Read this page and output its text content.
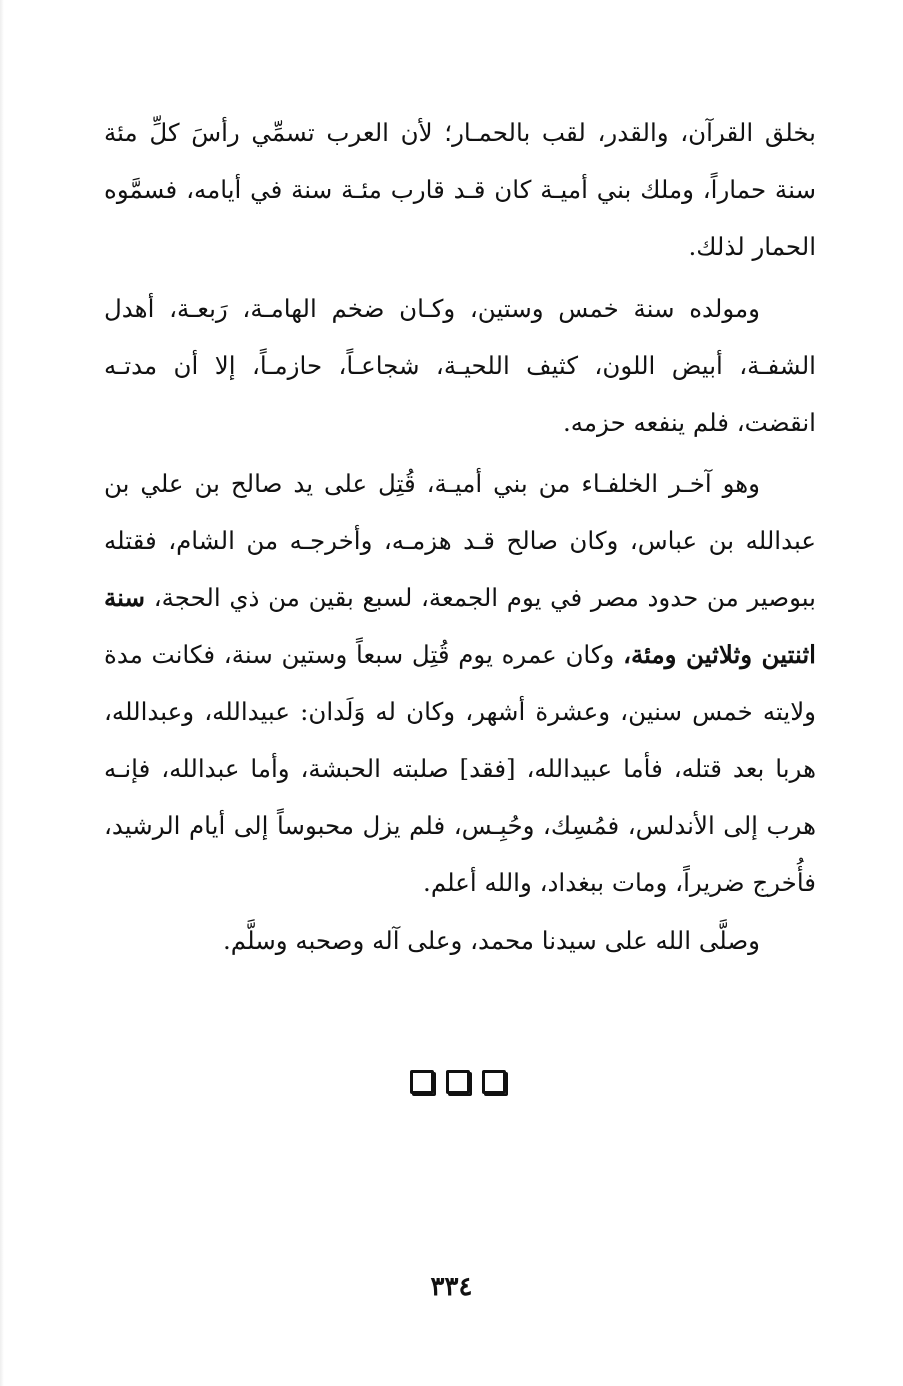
بخلق القرآن، والقدر، لقب بالحمـار؛ لأن العرب تسمِّي رأسَ كلِّ مئة سنة حماراً، وملك بني أميـة كان قـد قارب مئـة سنة في أيامه، فسمَّوه الحمار لذلك.

ومولده سنة خمس وستين، وكـان ضخم الهامـة، رَبعـة، أهدل الشفـة، أبيض اللون، كثيف اللحيـة، شجاعـاً، حازمـاً، إلا أن مدتـه انقضت، فلم ينفعه حزمه.

وهو آخـر الخلفـاء من بني أميـة، قُتِل على يد صالح بن علي بن عبدالله بن عباس، وكان صالح قـد هزمـه، وأخرجـه من الشام، فقتله ببوصير من حدود مصر في يوم الجمعة، لسبع بقين من ذي الحجة، سنة اثنتين وثلاثين ومئة، وكان عمره يوم قُتِل سبعاً وستين سنة، فكانت مدة ولايته خمس سنين، وعشرة أشهر، وكان له وَلَدان: عبيدالله، وعبدالله، هربا بعد قتله، فأما عبيدالله، [فقد] صلبته الحبشة، وأما عبدالله، فإنـه هرب إلى الأندلس، فمُسِك، وحُبِـس، فلم يزل محبوساً إلى أيام الرشيد، فأُخرج ضريراً، ومات ببغداد، والله أعلم.

وصلَّى الله على سيدنا محمد، وعلى آله وصحبه وسلَّم.
٣٣٤
